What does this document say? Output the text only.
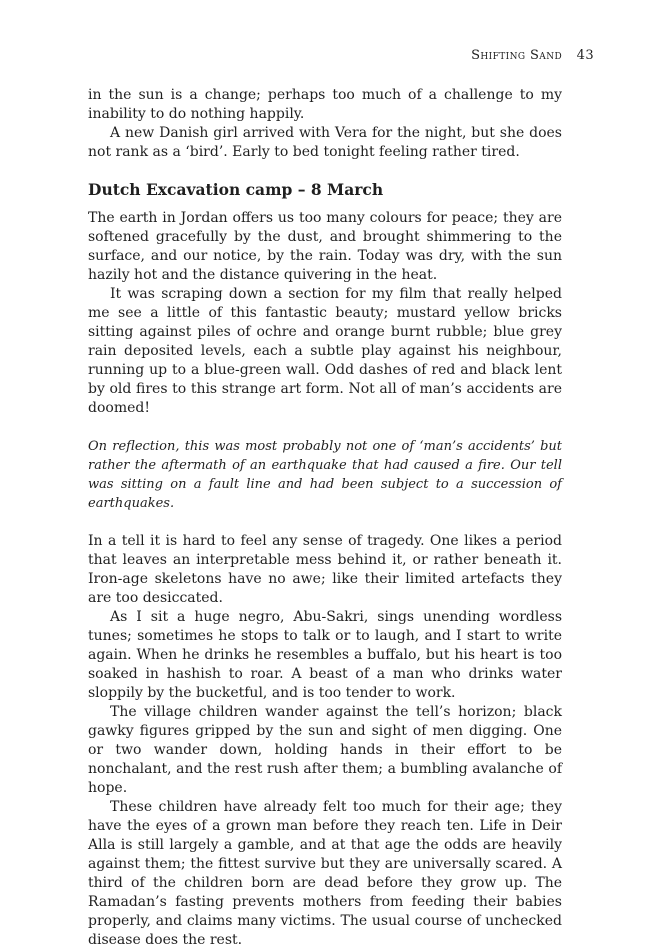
Shifting Sand 43

in the sun is a change; perhaps too much of a challenge to my inability to do nothing happily.

A new Danish girl arrived with Vera for the night, but she does not rank as a ‘bird’. Early to bed tonight feeling rather tired.

Dutch Excavation camp – 8 March

The earth in Jordan offers us too many colours for peace; they are softened gracefully by the dust, and brought shimmering to the surface, and our notice, by the rain. Today was dry, with the sun hazily hot and the distance quivering in the heat.

It was scraping down a section for my film that really helped me see a little of this fantastic beauty; mustard yellow bricks sitting against piles of ochre and orange burnt rubble; blue grey rain deposited levels, each a subtle play against his neighbour, running up to a blue-green wall. Odd dashes of red and black lent by old fires to this strange art form. Not all of man’s accidents are doomed!

On reflection, this was most probably not one of ‘man’s accidents’ but rather the aftermath of an earthquake that had caused a fire. Our tell was sitting on a fault line and had been subject to a succession of earthquakes.

In a tell it is hard to feel any sense of tragedy. One likes a period that leaves an interpretable mess behind it, or rather beneath it. Iron-age skeletons have no awe; like their limited artefacts they are too desiccated.

As I sit a huge negro, Abu-Sakri, sings unending wordless tunes; sometimes he stops to talk or to laugh, and I start to write again. When he drinks he resembles a buffalo, but his heart is too soaked in hashish to roar. A beast of a man who drinks water sloppily by the bucketful, and is too tender to work.

The village children wander against the tell’s horizon; black gawky figures gripped by the sun and sight of men digging. One or two wander down, holding hands in their effort to be nonchalant, and the rest rush after them; a bumbling avalanche of hope.

These children have already felt too much for their age; they have the eyes of a grown man before they reach ten. Life in Deir Alla is still largely a gamble, and at that age the odds are heavily against them; the fittest survive but they are universally scared. A third of the children born are dead before they grow up. The Ramadan’s fasting prevents mothers from feeding their babies properly, and claims many victims. The usual course of unchecked disease does the rest.
